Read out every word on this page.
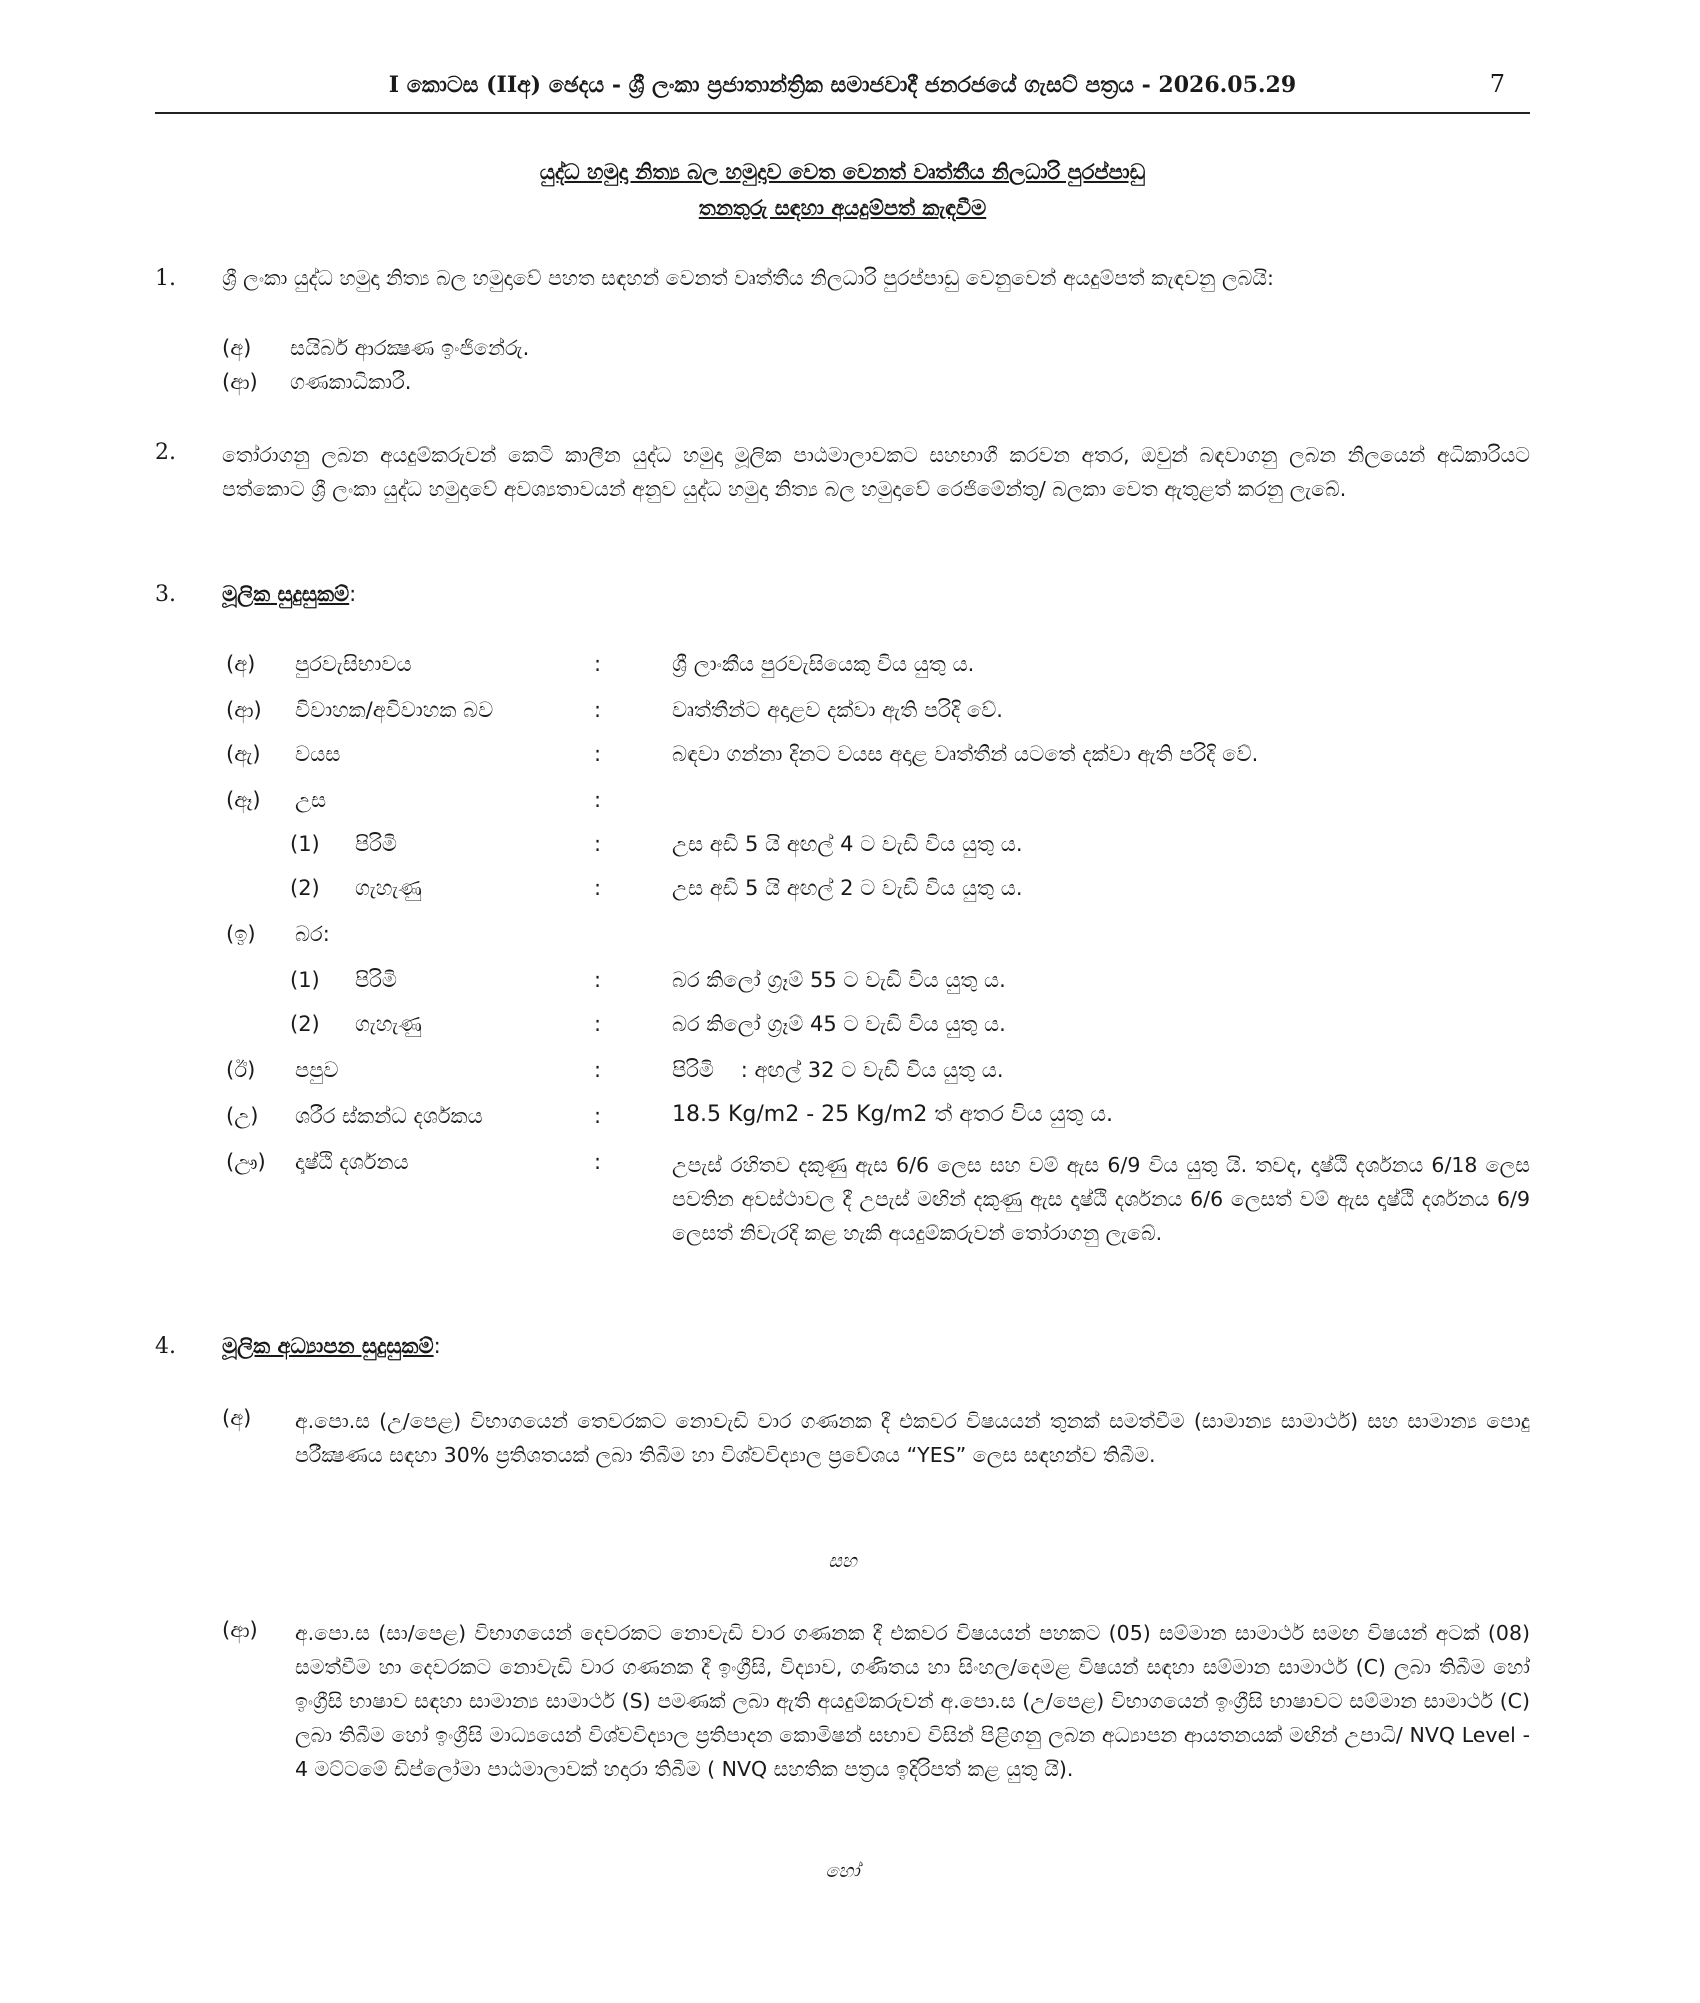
I කොටස (IIඅ) ඡෙදය - ශ්‍රී ලංකා ප්‍රජාතාන්ත්‍රික සමාජවාදී ජනරජයේ ගැසට් පත්‍රය - 2026.05.29	7
යුද්ධ හමුදා නිත්‍ය බල හමුදාව වෙත වෙනත් වෘත්තීය නිලධාරි පුරප්පාඩු
තනතුරු සඳහා අයදුම්පත් කැඳවීම
1. ශ්‍රී ලංකා යුද්ධ හමුදා නිත්‍ය බල හමුදාවේ පහත සඳහන් වෙනත් වෘත්තීය නිලධාරි පුරප්පාඩු වෙනුවෙන් අයදුම්පත් කැඳවනු ලබයි:
(අ) සයිබර් ආරක්‍ෂණ ඉංජිනේරු.
(ආ) ගණකාධිකාරී.
2. තෝරාගනු ලබන අයදුම්කරුවන් කෙටි කාලීන යුද්ධ හමුදා මූලික පාඨමාලාවකට සහභාගී කරවන අතර, ඔවුන් බඳවාගනු ලබන නිලයෙන් අධිකාරියට පත්කොට ශ්‍රී ලංකා යුද්ධ හමුදාවේ අවශ්‍යතාවයන් අනුව යුද්ධ හමුදා නිත්‍ය බල හමුදාවේ රෙජිමේන්තු/ බලකා වෙත ඇතුළත් කරනු ලැබේ.
3. මූලික සුදුසුකම්:
(අ) පුරවැසිභාවය	:	ශ්‍රී ලාංකීය පුරවැසියෙකු විය යුතු ය.
(ආ) විවාහක/අවිවාහක බව	:	වෘත්තීන්ට අදාළව දක්වා ඇති පරිදි වේ.
(ඇ) වයස	:	බඳවා ගන්නා දිනට වයස අදාළ වෘත්තීන් යටතේ දක්වා ඇති පරිදි වේ.
(ඈ) උස	:
(1) පිරිමි	:	උස අඩි 5 යි අඟල් 4 ට වැඩි විය යුතු ය.
(2) ගැහැණු	:	උස අඩි 5 යි අඟල් 2 ට වැඩි විය යුතු ය.
(ඉ) බර:
(1) පිරිමි	:	බර කිලෝ ග්‍රෑම් 55 ට වැඩි විය යුතු ය.
(2) ගැහැණු	:	බර කිලෝ ග්‍රෑම් 45 ට වැඩි විය යුතු ය.
(ඊ) පපුව	:	පිරිමි    : අඟල් 32 ට වැඩි විය යුතු ය.
(උ) ශරීර ස්කන්ධ දර්ශකය	:	18.5 Kg/m2 - 25 Kg/m2 ත් අතර විය යුතු ය.
(ඌ) දෘෂ්ඨි දර්ශනය	:	උපැස් රහිතව දකුණු ඇස 6/6 ලෙස සහ වම් ඇස 6/9 විය යුතු යි. තවද, දෘෂ්ඨි දර්ශනය 6/18 ලෙස පවතින අවස්ථාවල දී උපැස් මඟින් දකුණු ඇස දෘෂ්ඨි දර්ශනය 6/6 ලෙසත් වම් ඇස දෘෂ්ඨි දර්ශනය 6/9 ලෙසත් නිවැරදි කළ හැකි අයදුම්කරුවන් තෝරාගනු ලැබේ.
4. මූලික අධ්‍යාපන සුදුසුකම්:
(අ) අ.පො.ස (උ/පෙළ) විභාගයෙන් තෙවරකට නොවැඩි වාර ගණනක දී එකවර විෂයයන් තුනක් සමත්වීම (සාමාන්‍ය සාමාර්ථ) සහ සාමාන්‍ය පොදු පරීක්‍ෂණය සඳහා 30% ප්‍රතිශතයක් ලබා තිබීම හා විශ්වවිද්‍යාල ප්‍රවේශය “YES” ලෙස සඳහන්ව තිබීම.
සහ
(ආ) අ.පො.ස (සා/පෙළ) විභාගයෙන් දෙවරකට නොවැඩි වාර ගණනක දී එකවර විෂයයන් පහකට (05) සම්මාන සාමාර්ථ සමඟ විෂයන් අටක් (08) සමත්වීම හා දෙවරකට නොවැඩි වාර ගණනක දී ඉංග්‍රීසි, විද්‍යාව, ගණිතය හා සිංහල/දෙමළ විෂයන් සඳහා සම්මාන සාමාර්ථ (C) ලබා තිබීම හෝ ඉංග්‍රීසි භාෂාව සඳහා සාමාන්‍ය සාමාර්ථ (S) පමණක් ලබා ඇති අයදුම්කරුවන් අ.පො.ස (උ/පෙළ) විභාගයෙන් ඉංග්‍රීසි භාෂාවට සම්මාන සාමාර්ථ (C) ලබා තිබීම හෝ ඉංග්‍රීසි මාධ්‍යයෙන් විශ්වවිද්‍යාල ප්‍රතිපාදන කොමිෂන් සභාව විසින් පිළිගනු ලබන අධ්‍යාපන ආයතනයක් මඟින් උපාධි/ NVQ Level - 4 මට්ටමේ ඩිප්ලෝමා පාඨමාලාවක් හදාරා තිබීම ( NVQ සහතික පත්‍රය ඉදිරිපත් කළ යුතු යි).
හෝ
